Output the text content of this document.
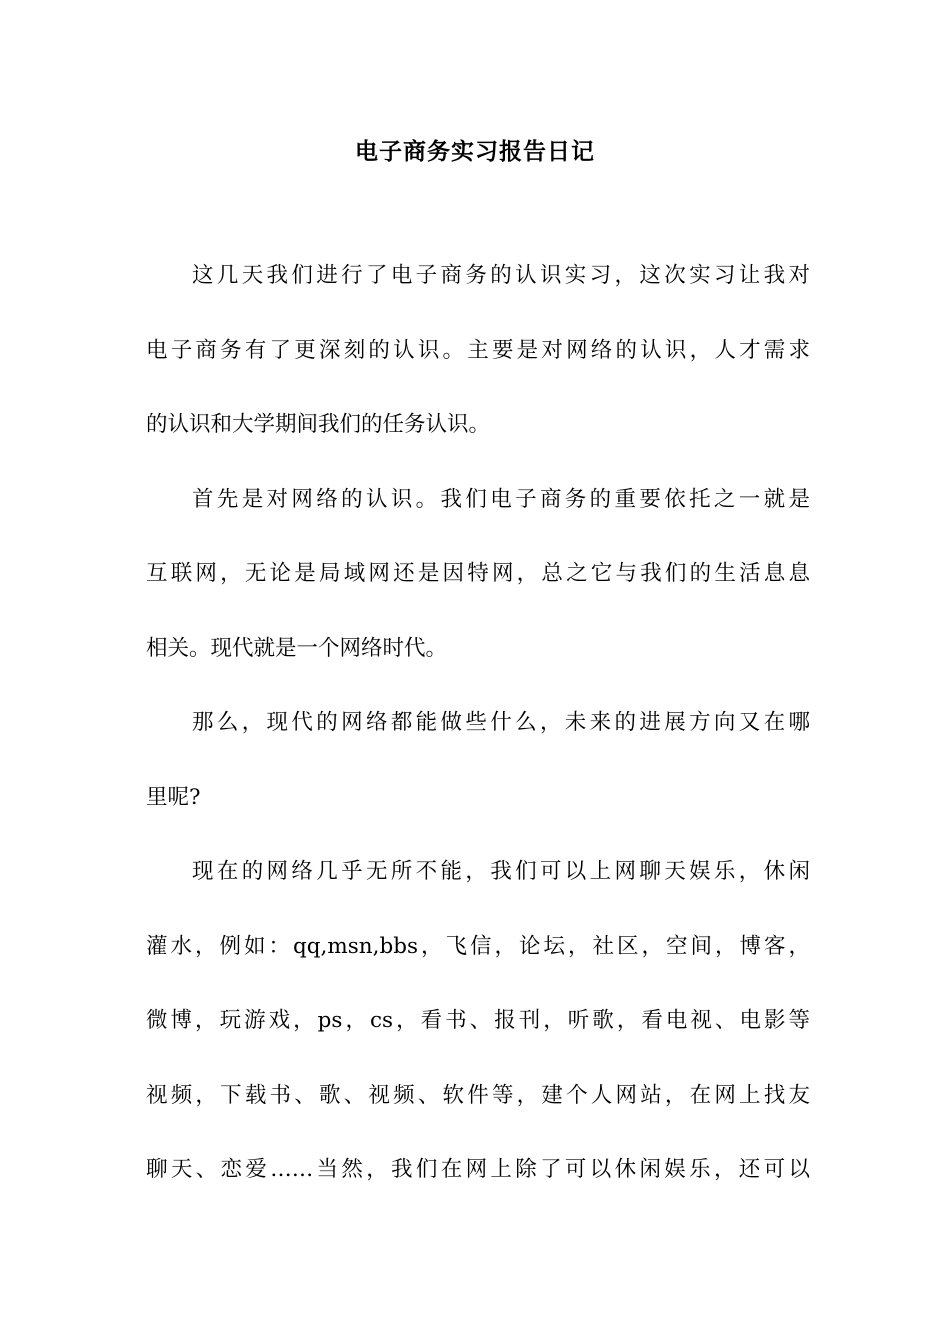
电子商务实习报告日记
这几天我们进行了电子商务的认识实习，这次实习让我对
电子商务有了更深刻的认识。主要是对网络的认识，人才需求
的认识和大学期间我们的任务认识。
首先是对网络的认识。我们电子商务的重要依托之一就是
互联网，无论是局域网还是因特网，总之它与我们的生活息息
相关。现代就是一个网络时代。
那么，现代的网络都能做些什么，未来的进展方向又在哪
里呢?
现在的网络几乎无所不能，我们可以上网聊天娱乐，休闲
灌水，例如：qq,msn,bbs，飞信，论坛，社区，空间，博客，
微博，玩游戏，ps，cs，看书、报刊，听歌，看电视、电影等
视频，下载书、歌、视频、软件等，建个人网站，在网上找友
聊天、恋爱……当然，我们在网上除了可以休闲娱乐，还可以
